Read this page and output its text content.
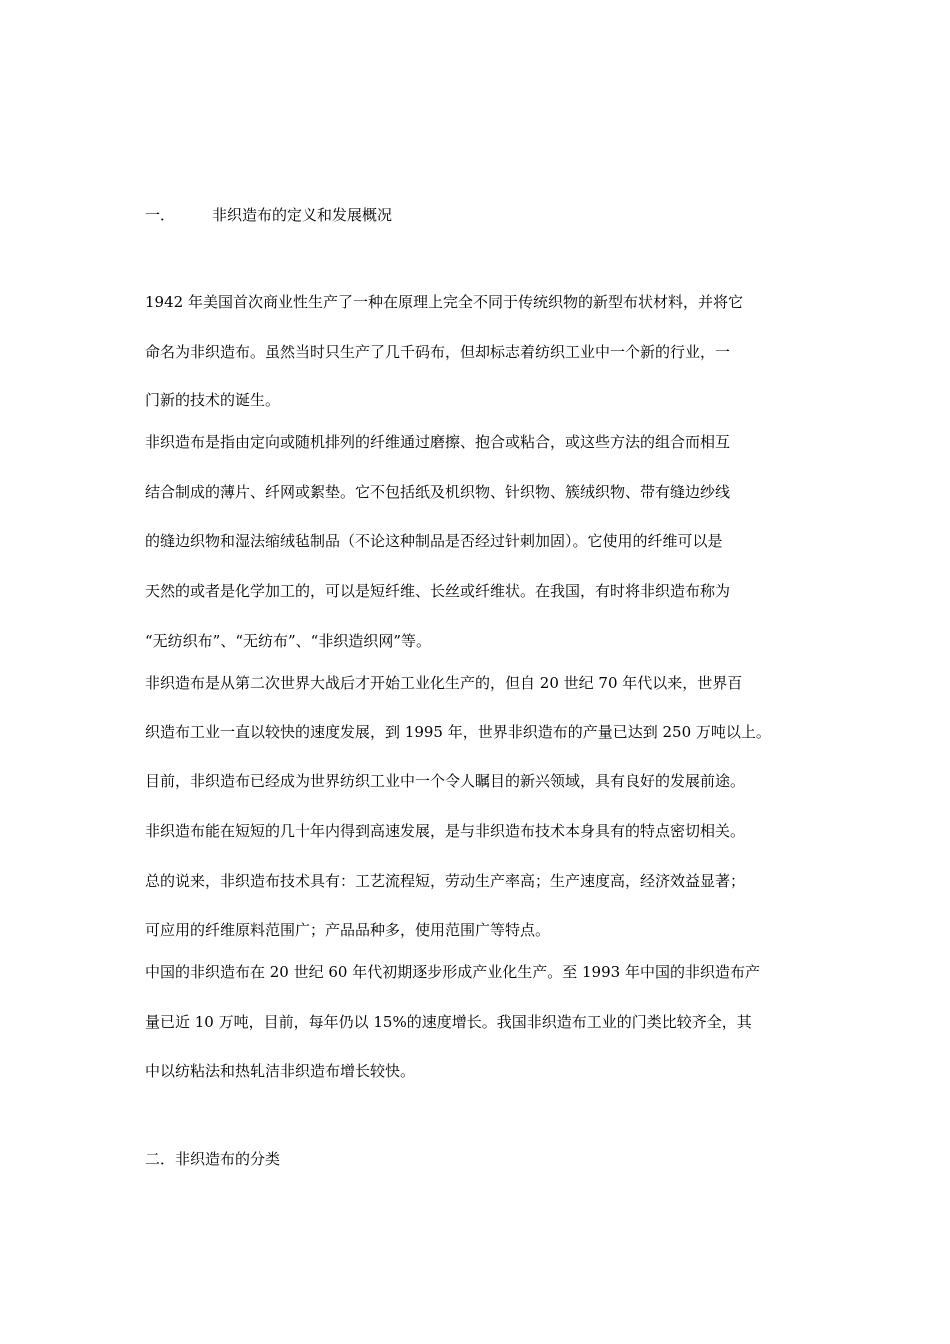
一． 非织造布的定义和发展概况
1942 年美国首次商业性生产了一种在原理上完全不同于传统织物的新型布状材料，并将它
命名为非织造布。虽然当时只生产了几千码布，但却标志着纺织工业中一个新的行业，一
门新的技术的诞生。
非织造布是指由定向或随机排列的纤维通过磨擦、抱合或粘合，或这些方法的组合而相互
结合制成的薄片、纤网或絮垫。它不包括纸及机织物、针织物、簇绒织物、带有缝边纱线
的缝边织物和湿法缩绒毡制品（不论这种制品是否经过针刺加固）。它使用的纤维可以是
天然的或者是化学加工的，可以是短纤维、长丝或纤维状。在我国，有时将非织造布称为
“无纺织布”、“无纺布”、“非织造织网”等。
非织造布是从第二次世界大战后才开始工业化生产的，但自 20 世纪 70 年代以来，世界百
织造布工业一直以较快的速度发展，到 1995 年，世界非织造布的产量已达到 250 万吨以上。
目前，非织造布已经成为世界纺织工业中一个令人瞩目的新兴领域，具有良好的发展前途。
非织造布能在短短的几十年内得到高速发展，是与非织造布技术本身具有的特点密切相关。
总的说来，非织造布技术具有：工艺流程短，劳动生产率高；生产速度高，经济效益显著；
可应用的纤维原料范围广；产品品种多，使用范围广等特点。
中国的非织造布在 20 世纪 60 年代初期逐步形成产业化生产。至 1993 年中国的非织造布产
量已近 10 万吨，目前，每年仍以 15%的速度增长。我国非织造布工业的门类比较齐全，其
中以纺粘法和热轧洁非织造布增长较快。
二．非织造布的分类
